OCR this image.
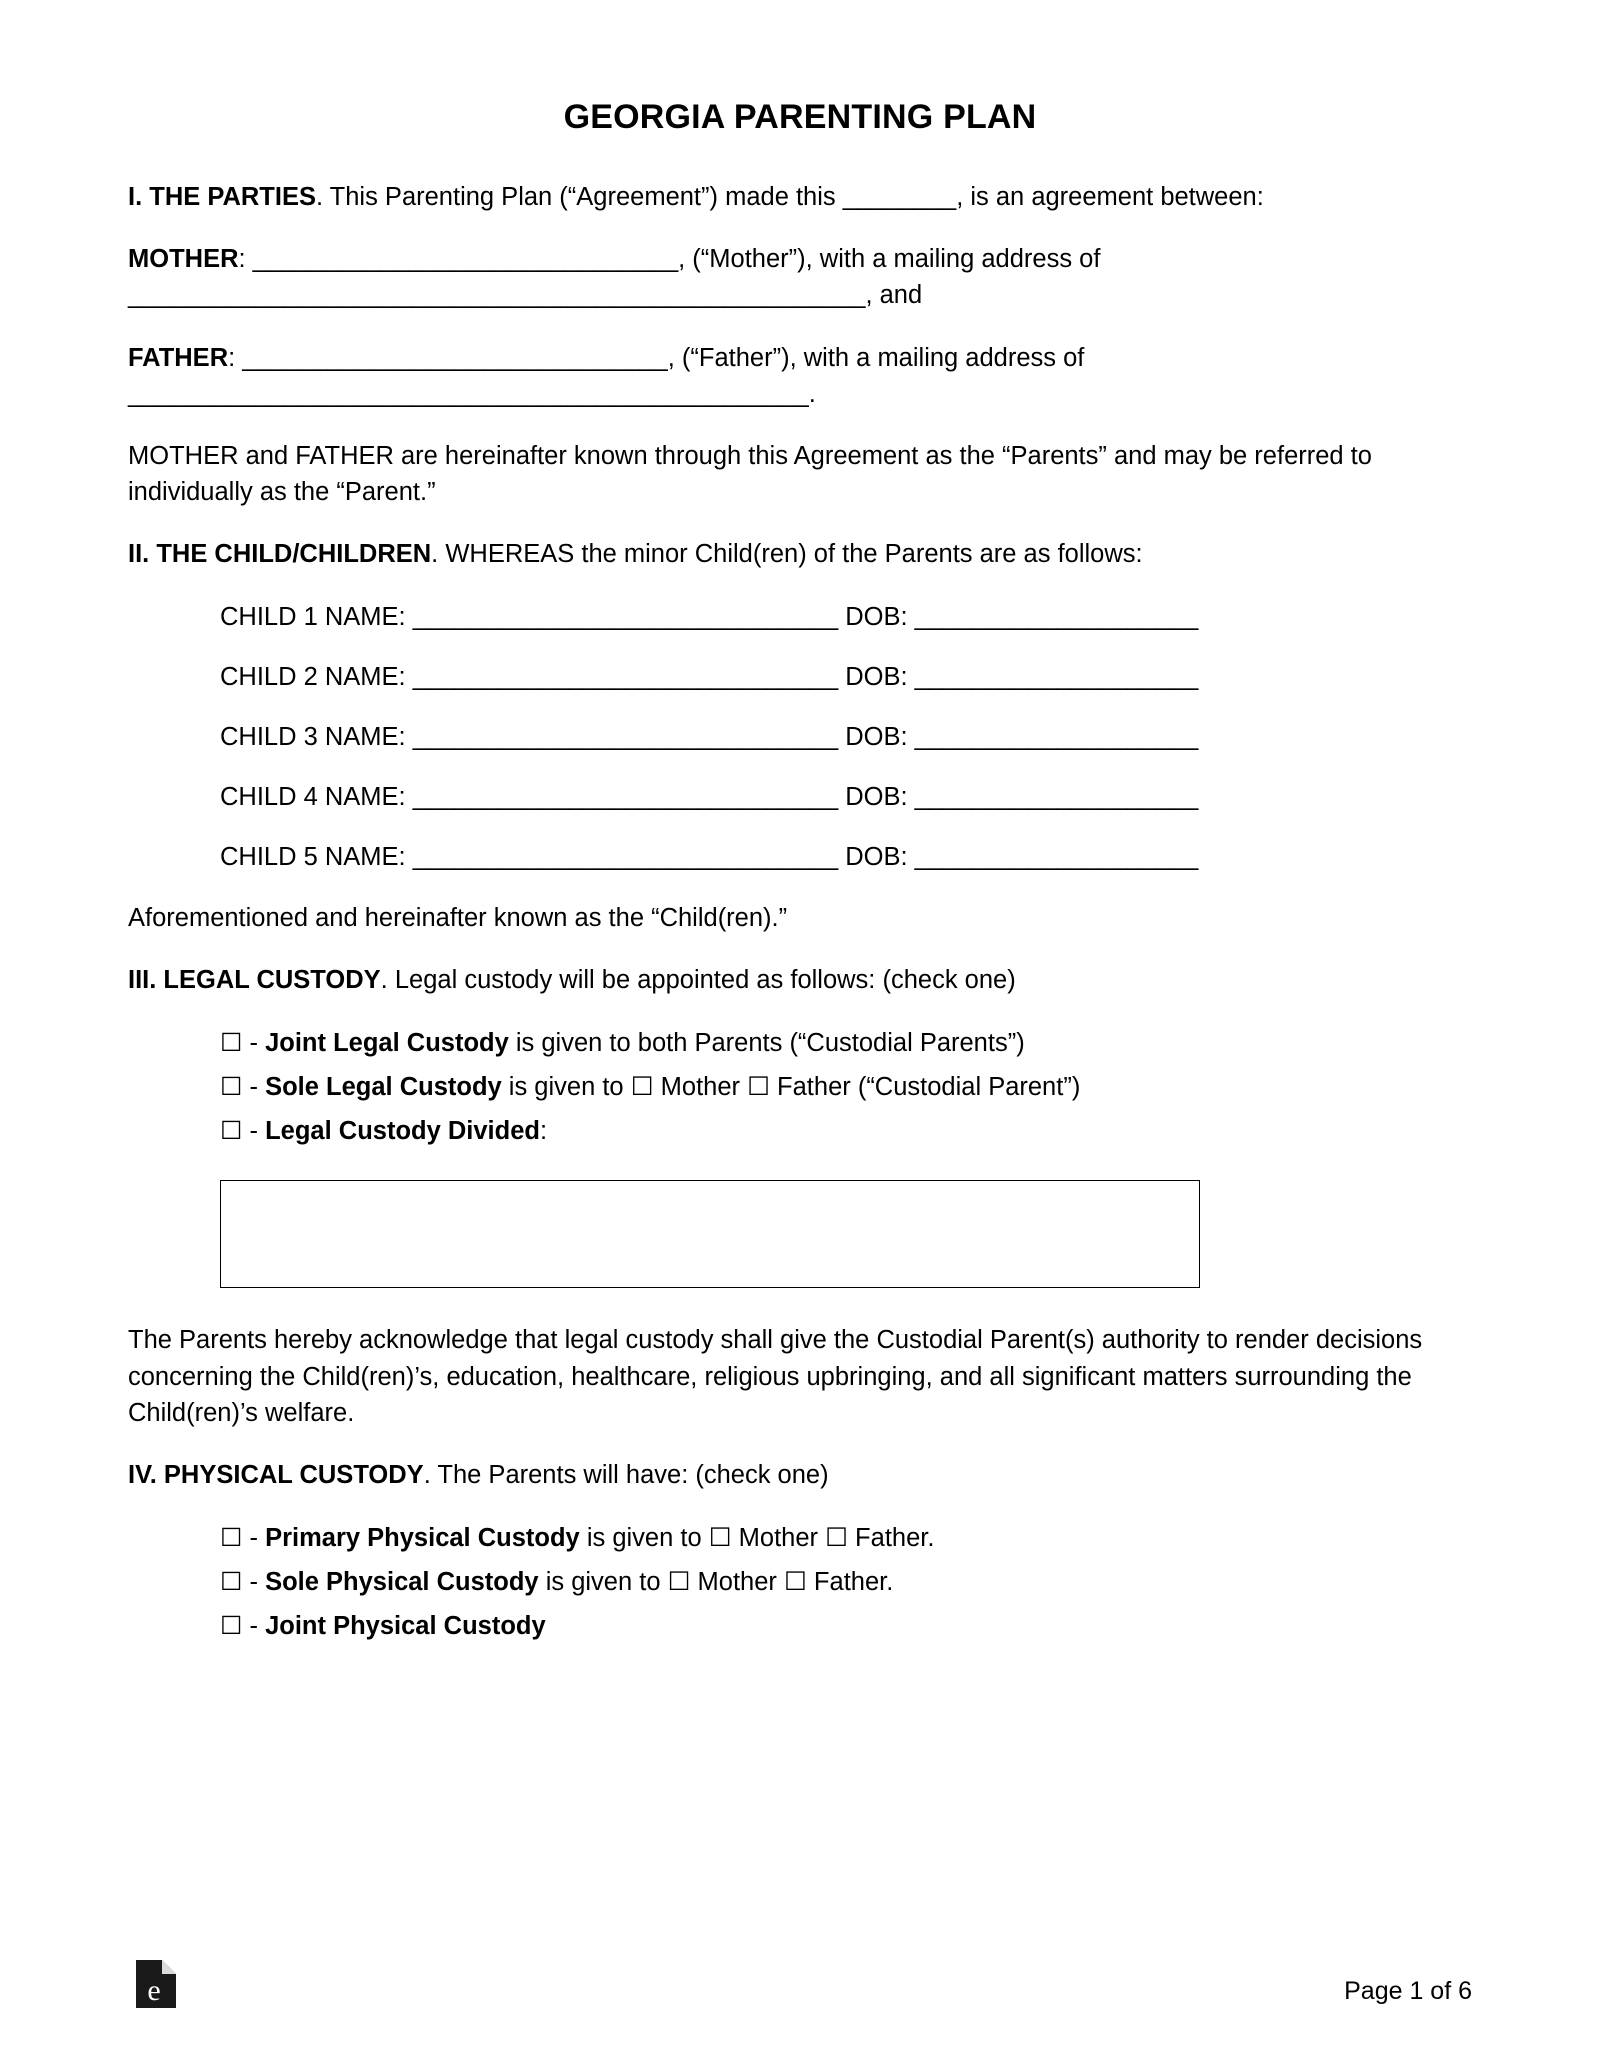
GEORGIA PARENTING PLAN

I. THE PARTIES. This Parenting Plan (“Agreement”) made this ________, is an agreement between:

MOTHER: ______________________________, (“Mother”), with a mailing address of ____________________________________________________, and

FATHER: ______________________________, (“Father”), with a mailing address of ________________________________________________.

MOTHER and FATHER are hereinafter known through this Agreement as the “Parents” and may be referred to individually as the “Parent.”

II. THE CHILD/CHILDREN. WHEREAS the minor Child(ren) of the Parents are as follows:

CHILD 1 NAME: ______________________________ DOB: ____________________
CHILD 2 NAME: ______________________________ DOB: ____________________
CHILD 3 NAME: ______________________________ DOB: ____________________
CHILD 4 NAME: ______________________________ DOB: ____________________
CHILD 5 NAME: ______________________________ DOB: ____________________

Aforementioned and hereinafter known as the “Child(ren).”

III. LEGAL CUSTODY. Legal custody will be appointed as follows: (check one)

☐ - Joint Legal Custody is given to both Parents (“Custodial Parents”)
☐ - Sole Legal Custody is given to ☐ Mother ☐ Father (“Custodial Parent”)
☐ - Legal Custody Divided:

The Parents hereby acknowledge that legal custody shall give the Custodial Parent(s) authority to render decisions concerning the Child(ren)’s, education, healthcare, religious upbringing, and all significant matters surrounding the Child(ren)’s welfare.

IV. PHYSICAL CUSTODY. The Parents will have: (check one)

☐ - Primary Physical Custody is given to ☐ Mother ☐ Father.
☐ - Sole Physical Custody is given to ☐ Mother ☐ Father.
☐ - Joint Physical Custody
e	Page 1 of 6
